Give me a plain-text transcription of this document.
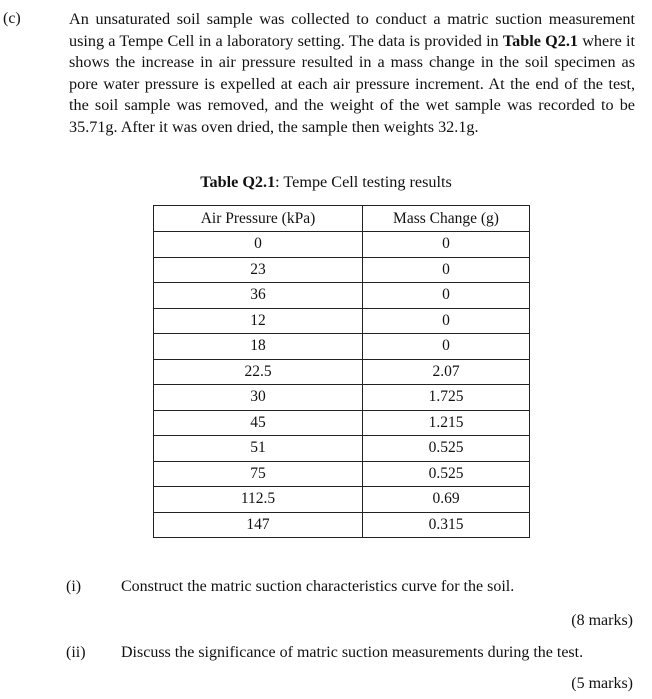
(c)	An unsaturated soil sample was collected to conduct a matric suction measurement using a Tempe Cell in a laboratory setting. The data is provided in Table Q2.1 where it shows the increase in air pressure resulted in a mass change in the soil specimen as pore water pressure is expelled at each air pressure increment. At the end of the test, the soil sample was removed, and the weight of the wet sample was recorded to be 35.71g. After it was oven dried, the sample then weights 32.1g.
Table Q2.1: Tempe Cell testing results
Air Pressure (kPa)	Mass Change (g)
0	0
23	0
36	0
12	0
18	0
22.5	2.07
30	1.725
45	1.215
51	0.525
75	0.525
112.5	0.69
147	0.315
(i) Construct the matric suction characteristics curve for the soil.
(8 marks)
(ii) Discuss the significance of matric suction measurements during the test.
(5 marks)
